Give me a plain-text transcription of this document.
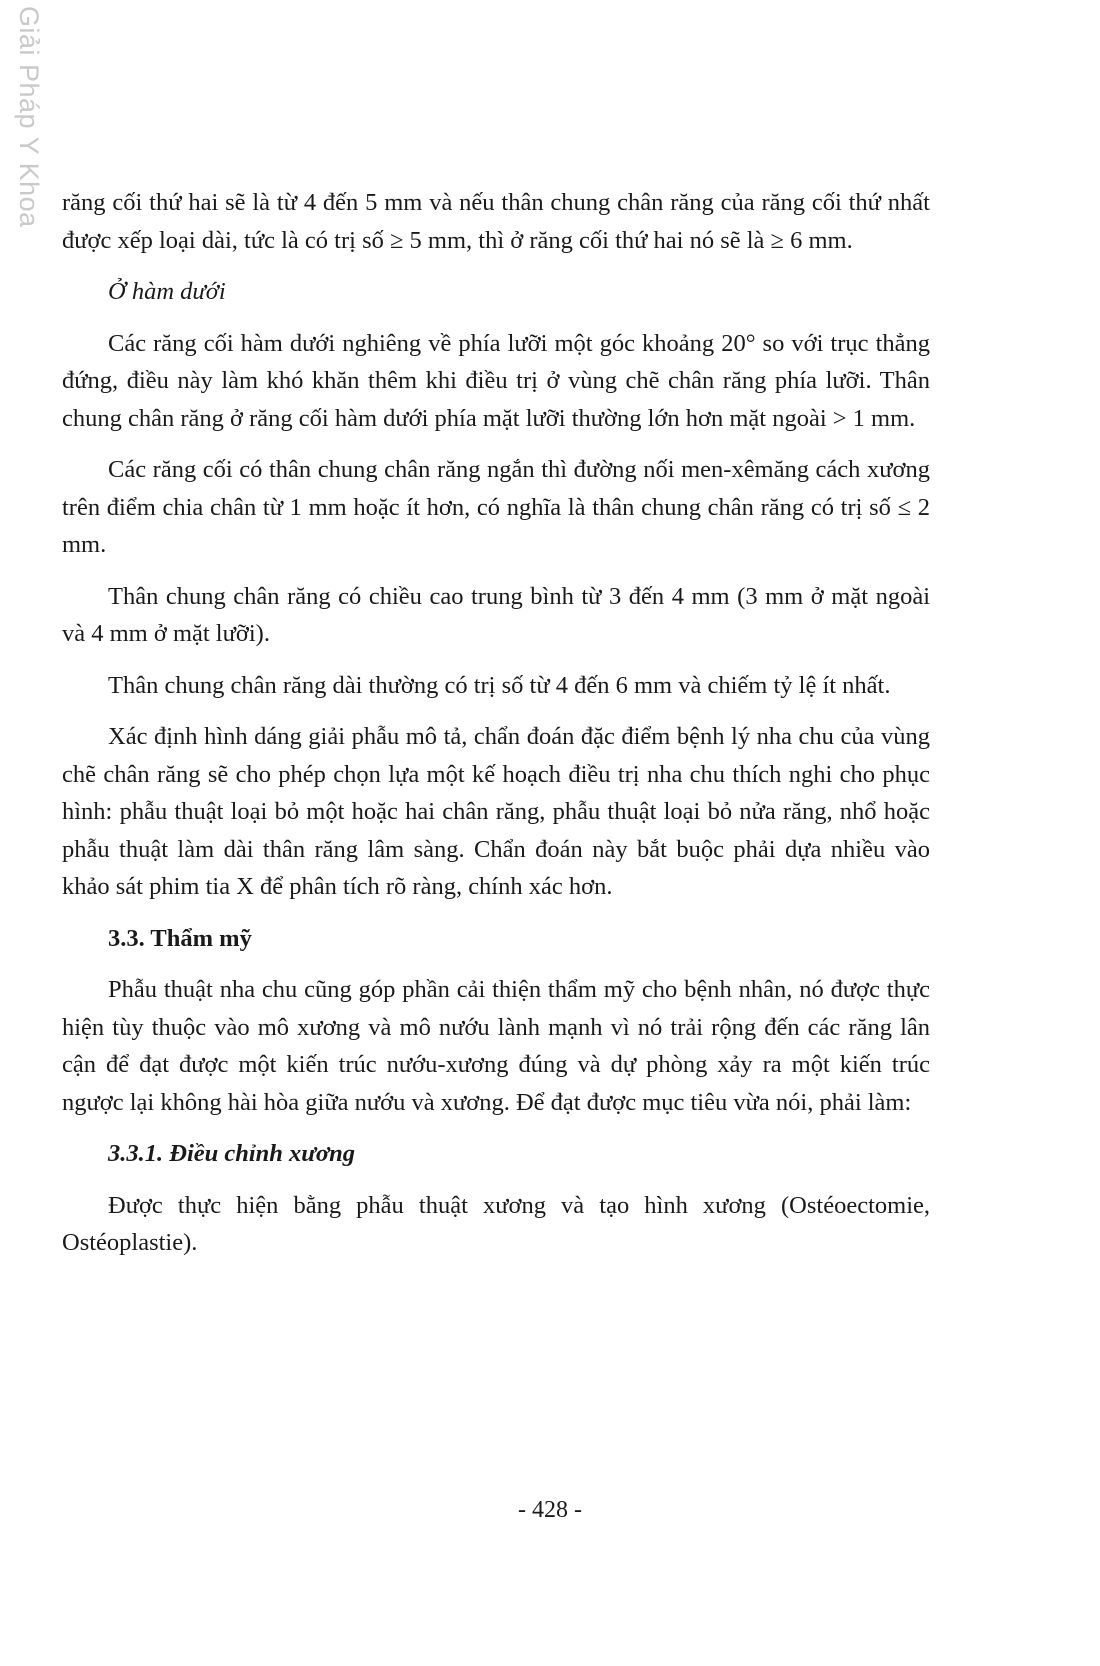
Giải Pháp Y Khoa răng cối thứ hai sẽ là từ 4 đến 5 mm và nếu thân chung chân răng của răng cối thứ nhất được xếp loại dài, tức là có trị số ≥ 5 mm, thì ở răng cối thứ hai nó sẽ là ≥ 6 mm.

Ở hàm dưới

Các răng cối hàm dưới nghiêng về phía lưỡi một góc khoảng 20° so với trục thẳng đứng, điều này làm khó khăn thêm khi điều trị ở vùng chẽ chân răng phía lưỡi. Thân chung chân răng ở răng cối hàm dưới phía mặt lưỡi thường lớn hơn mặt ngoài > 1 mm.

Các răng cối có thân chung chân răng ngắn thì đường nối men-xêmăng cách xương trên điểm chia chân từ 1 mm hoặc ít hơn, có nghĩa là thân chung chân răng có trị số ≤ 2 mm.

Thân chung chân răng có chiều cao trung bình từ 3 đến 4 mm (3 mm ở mặt ngoài và 4 mm ở mặt lưỡi).

Thân chung chân răng dài thường có trị số từ 4 đến 6 mm và chiếm tỷ lệ ít nhất.

Xác định hình dáng giải phẫu mô tả, chẩn đoán đặc điểm bệnh lý nha chu của vùng chẽ chân răng sẽ cho phép chọn lựa một kế hoạch điều trị nha chu thích nghi cho phục hình: phẫu thuật loại bỏ một hoặc hai chân răng, phẫu thuật loại bỏ nửa răng, nhổ hoặc phẫu thuật làm dài thân răng lâm sàng. Chẩn đoán này bắt buộc phải dựa nhiều vào khảo sát phim tia X để phân tích rõ ràng, chính xác hơn.

3.3. Thẩm mỹ

Phẫu thuật nha chu cũng góp phần cải thiện thẩm mỹ cho bệnh nhân, nó được thực hiện tùy thuộc vào mô xương và mô nướu lành mạnh vì nó trải rộng đến các răng lân cận để đạt được một kiến trúc nướu-xương đúng và dự phòng xảy ra một kiến trúc ngược lại không hài hòa giữa nướu và xương. Để đạt được mục tiêu vừa nói, phải làm:

3.3.1. Điều chỉnh xương

Được thực hiện bằng phẫu thuật xương và tạo hình xương (Ostéoectomie, Ostéoplastie).

- 428 -
